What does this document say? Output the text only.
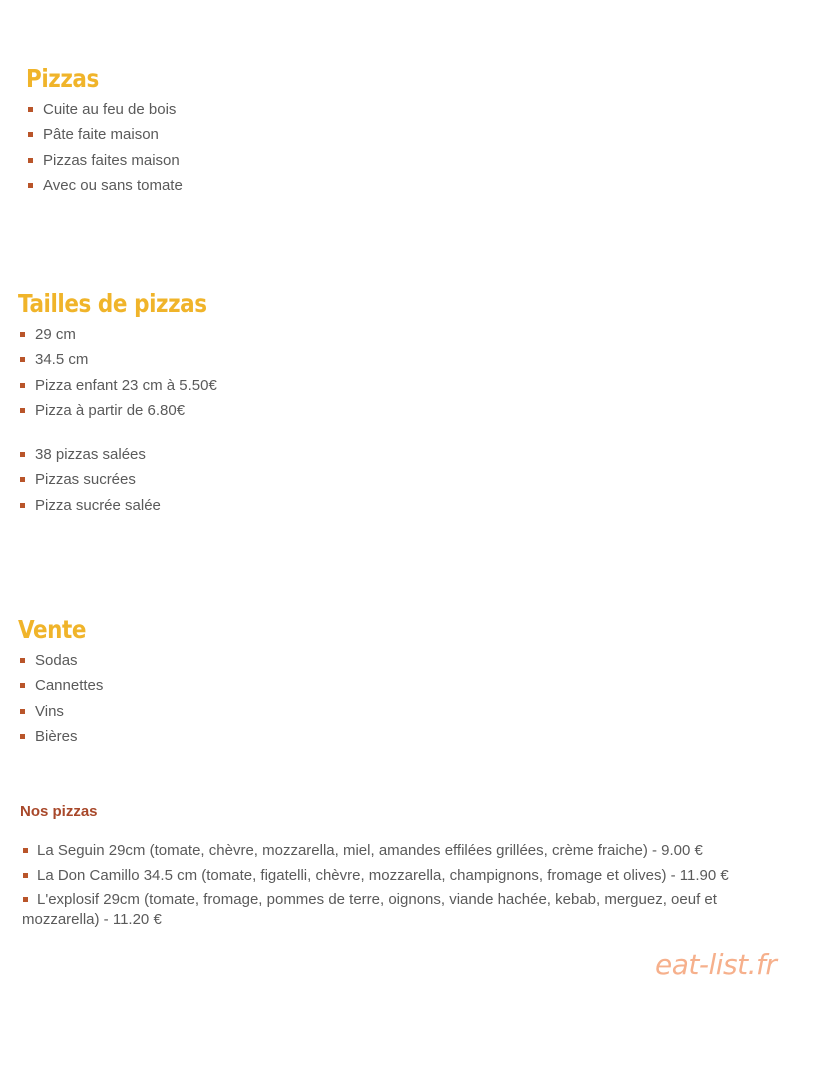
Pizzas
Cuite au feu de bois
Pâte faite maison
Pizzas faites maison
Avec ou sans tomate
Tailles de pizzas
29 cm
34.5 cm
Pizza enfant 23 cm à 5.50€
Pizza à partir de 6.80€
38 pizzas salées
Pizzas sucrées
Pizza sucrée salée
Vente
Sodas
Cannettes
Vins
Bières
Nos pizzas
La Seguin 29cm (tomate, chèvre, mozzarella, miel, amandes effilées grillées, crème fraiche) - 9.00 €
La Don Camillo 34.5 cm (tomate, figatelli, chèvre, mozzarella, champignons, fromage et olives) - 11.90 €
L'explosif 29cm (tomate, fromage, pommes de terre, oignons, viande hachée, kebab, merguez, oeuf et mozzarella) - 11.20 €
eat-list.fr
